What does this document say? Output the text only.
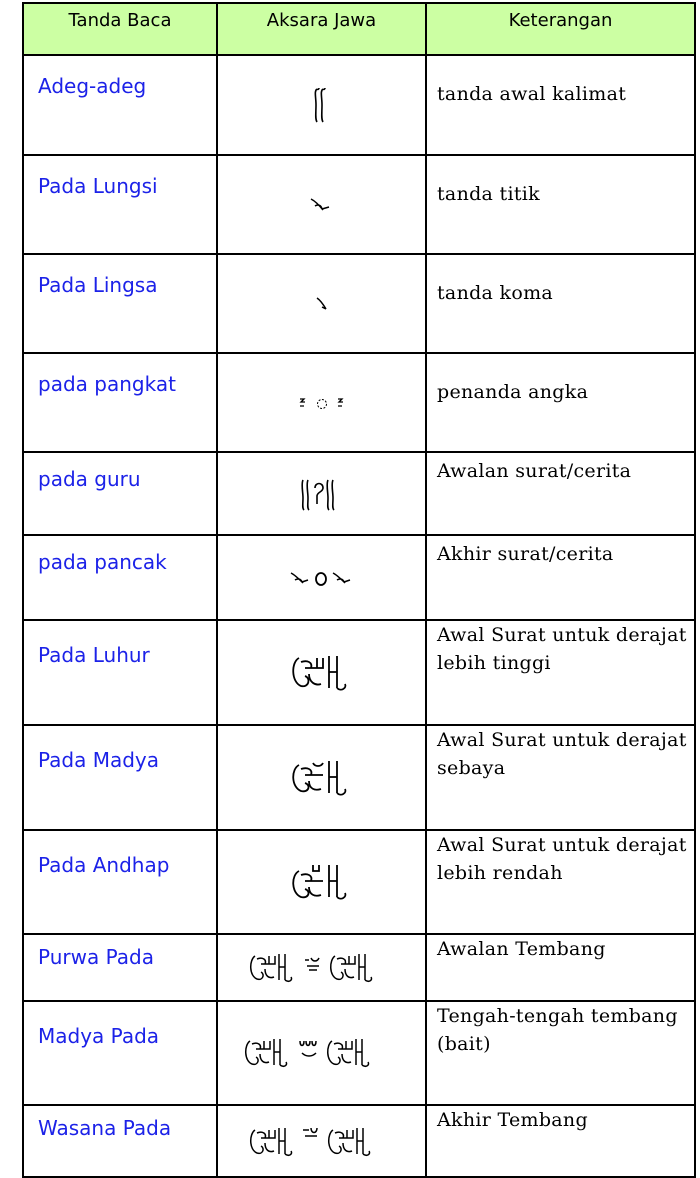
Tanda Baca	Aksara Jawa	Keterangan
Adeg-adeg		tanda awal kalimat
Pada Lungsi		tanda titik
Pada Lingsa		tanda koma
pada pangkat		penanda angka
pada guru		Awalan surat/cerita
pada pancak		Akhir surat/cerita
Pada Luhur		Awal Surat untuk derajat lebih tinggi
Pada Madya		Awal Surat untuk derajat sebaya
Pada Andhap		Awal Surat untuk derajat lebih rendah
Purwa Pada		Awalan Tembang
Madya Pada		Tengah-tengah tembang (bait)
Wasana Pada		Akhir Tembang
